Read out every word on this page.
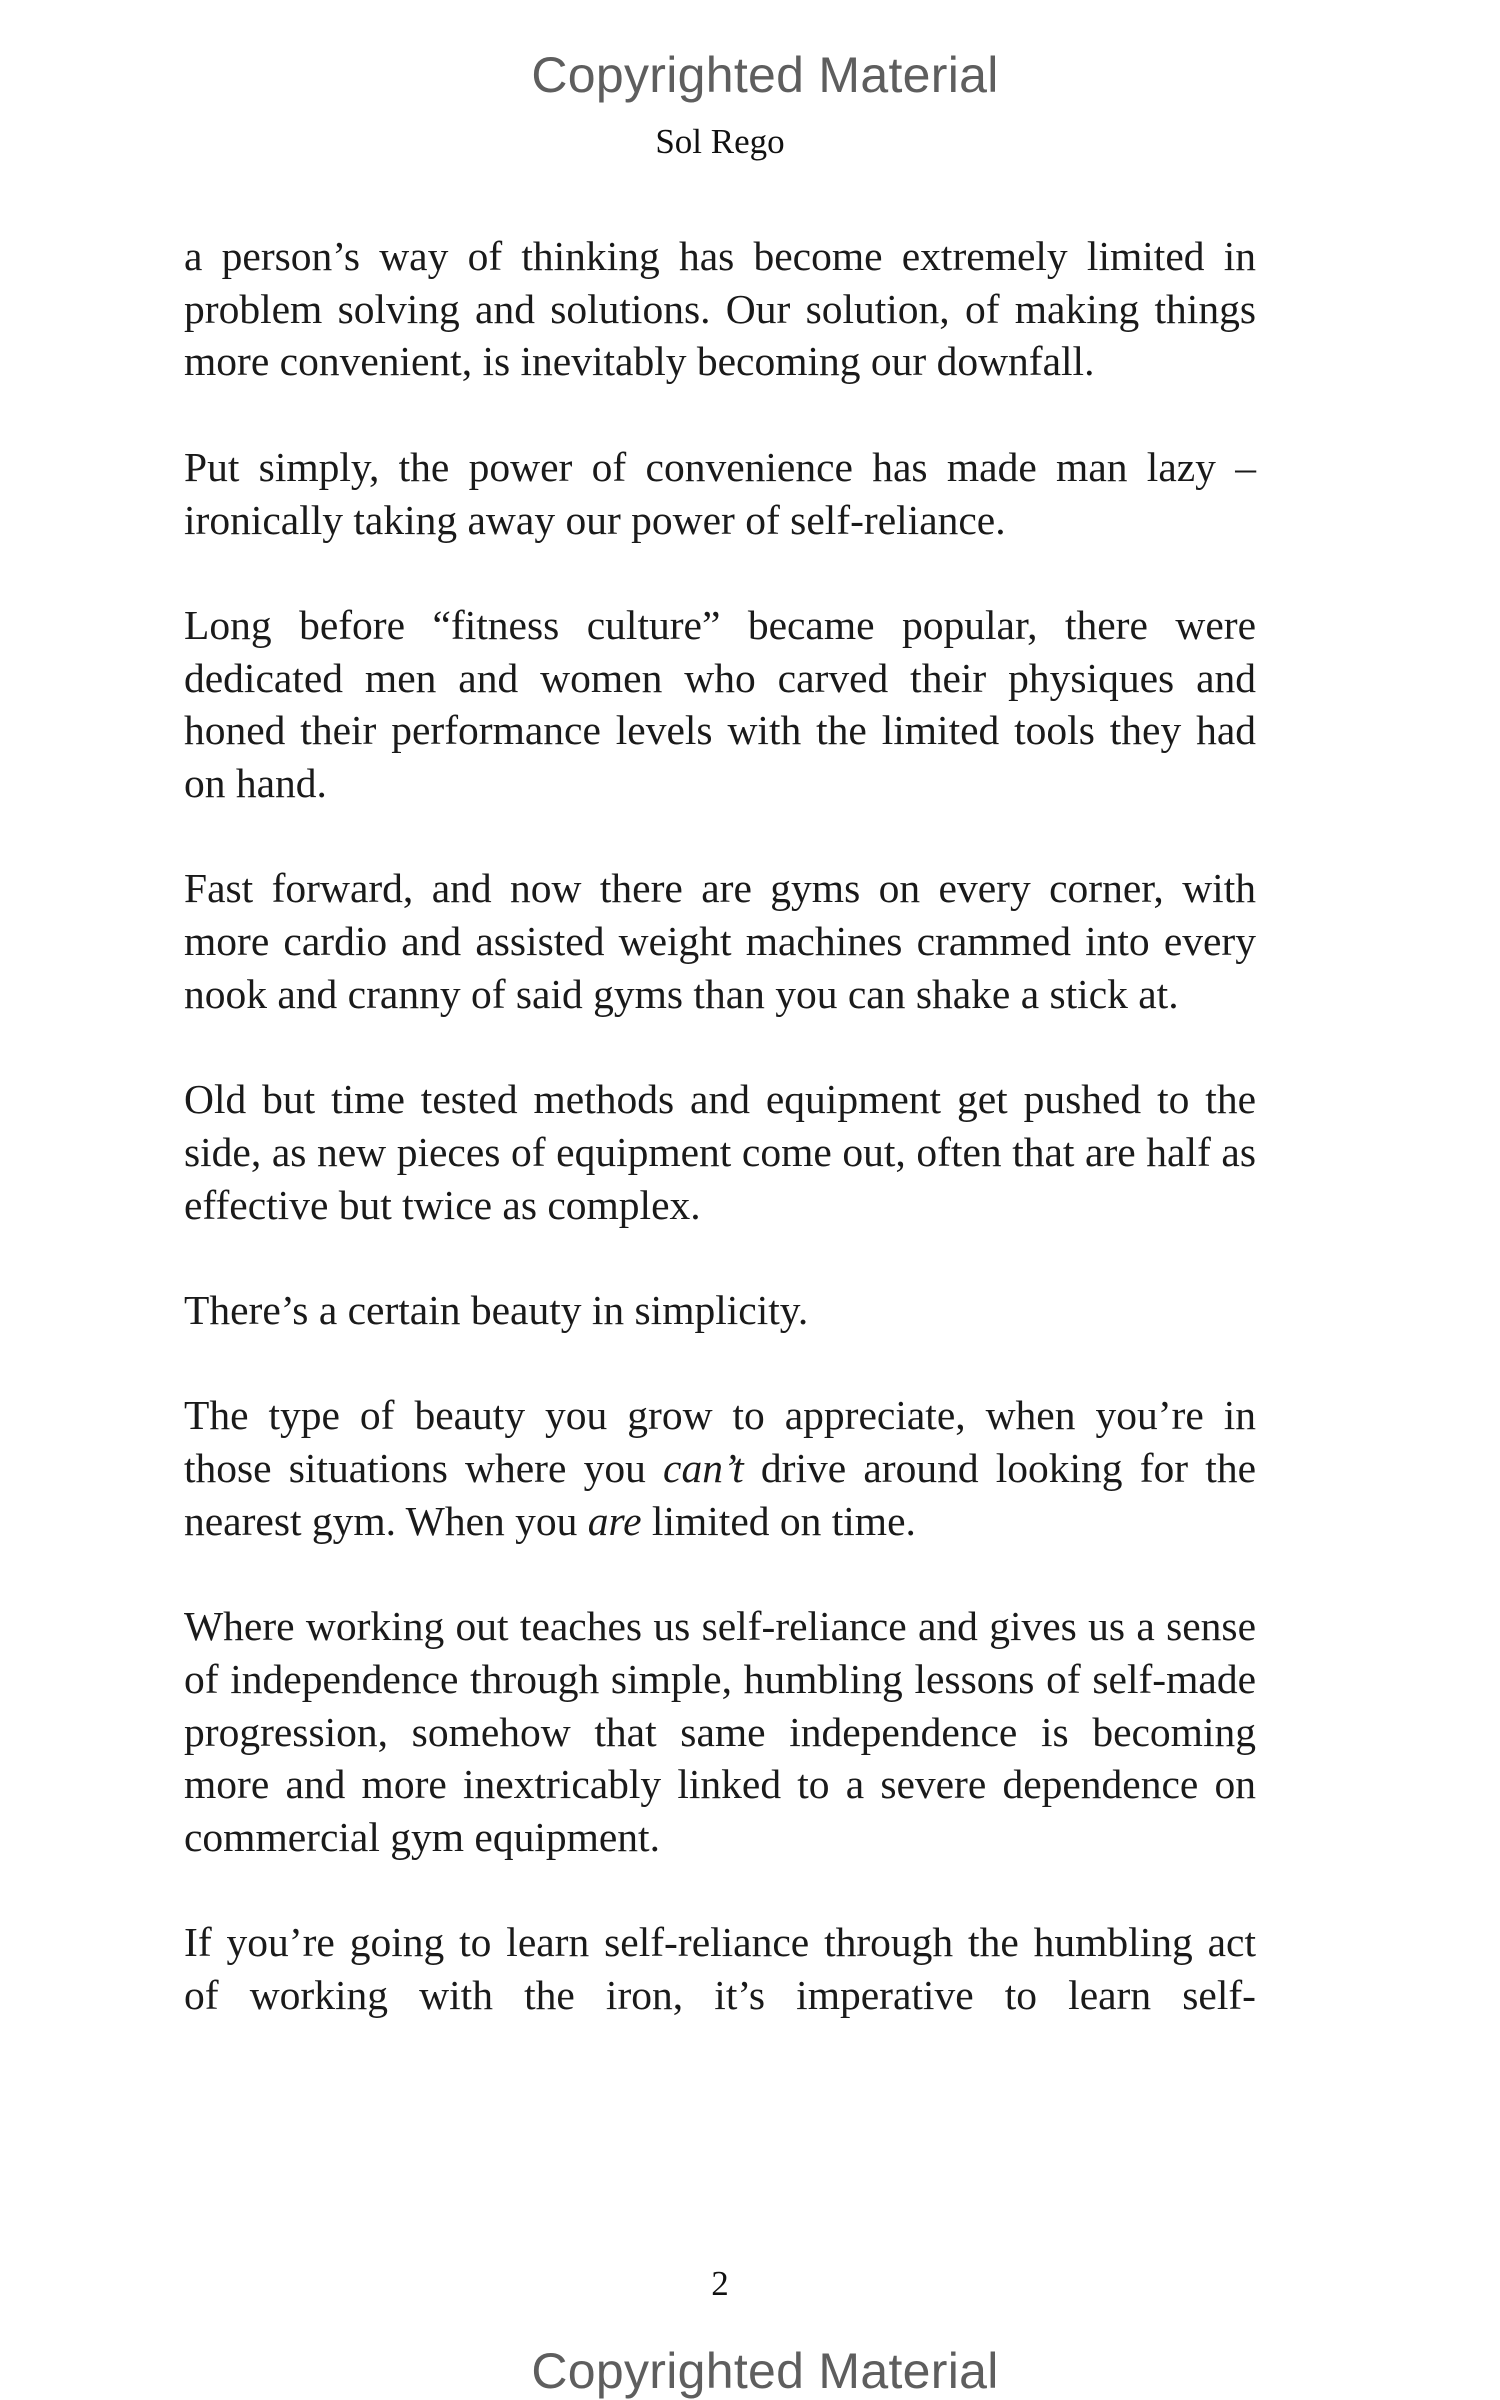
Copyrighted Material
Sol Rego

a person’s way of thinking has become extremely limited in problem solving and solutions. Our solution, of making things more convenient, is inevitably becoming our downfall.

Put simply, the power of convenience has made man lazy – ironically taking away our power of self-reliance.

Long before “fitness culture” became popular, there were dedicated men and women who carved their physiques and honed their performance levels with the limited tools they had on hand.

Fast forward, and now there are gyms on every corner, with more cardio and assisted weight machines crammed into every nook and cranny of said gyms than you can shake a stick at.

Old but time tested methods and equipment get pushed to the side, as new pieces of equipment come out, often that are half as effective but twice as complex.

There’s a certain beauty in simplicity.

The type of beauty you grow to appreciate, when you’re in those situations where you can’t drive around looking for the nearest gym. When you are limited on time.

Where working out teaches us self-reliance and gives us a sense of independence through simple, humbling lessons of self-made progression, somehow that same independence is becoming more and more inextricably linked to a severe dependence on commercial gym equipment.

If you’re going to learn self-reliance through the humbling act of working with the iron, it’s imperative to learn self-

2
Copyrighted Material
